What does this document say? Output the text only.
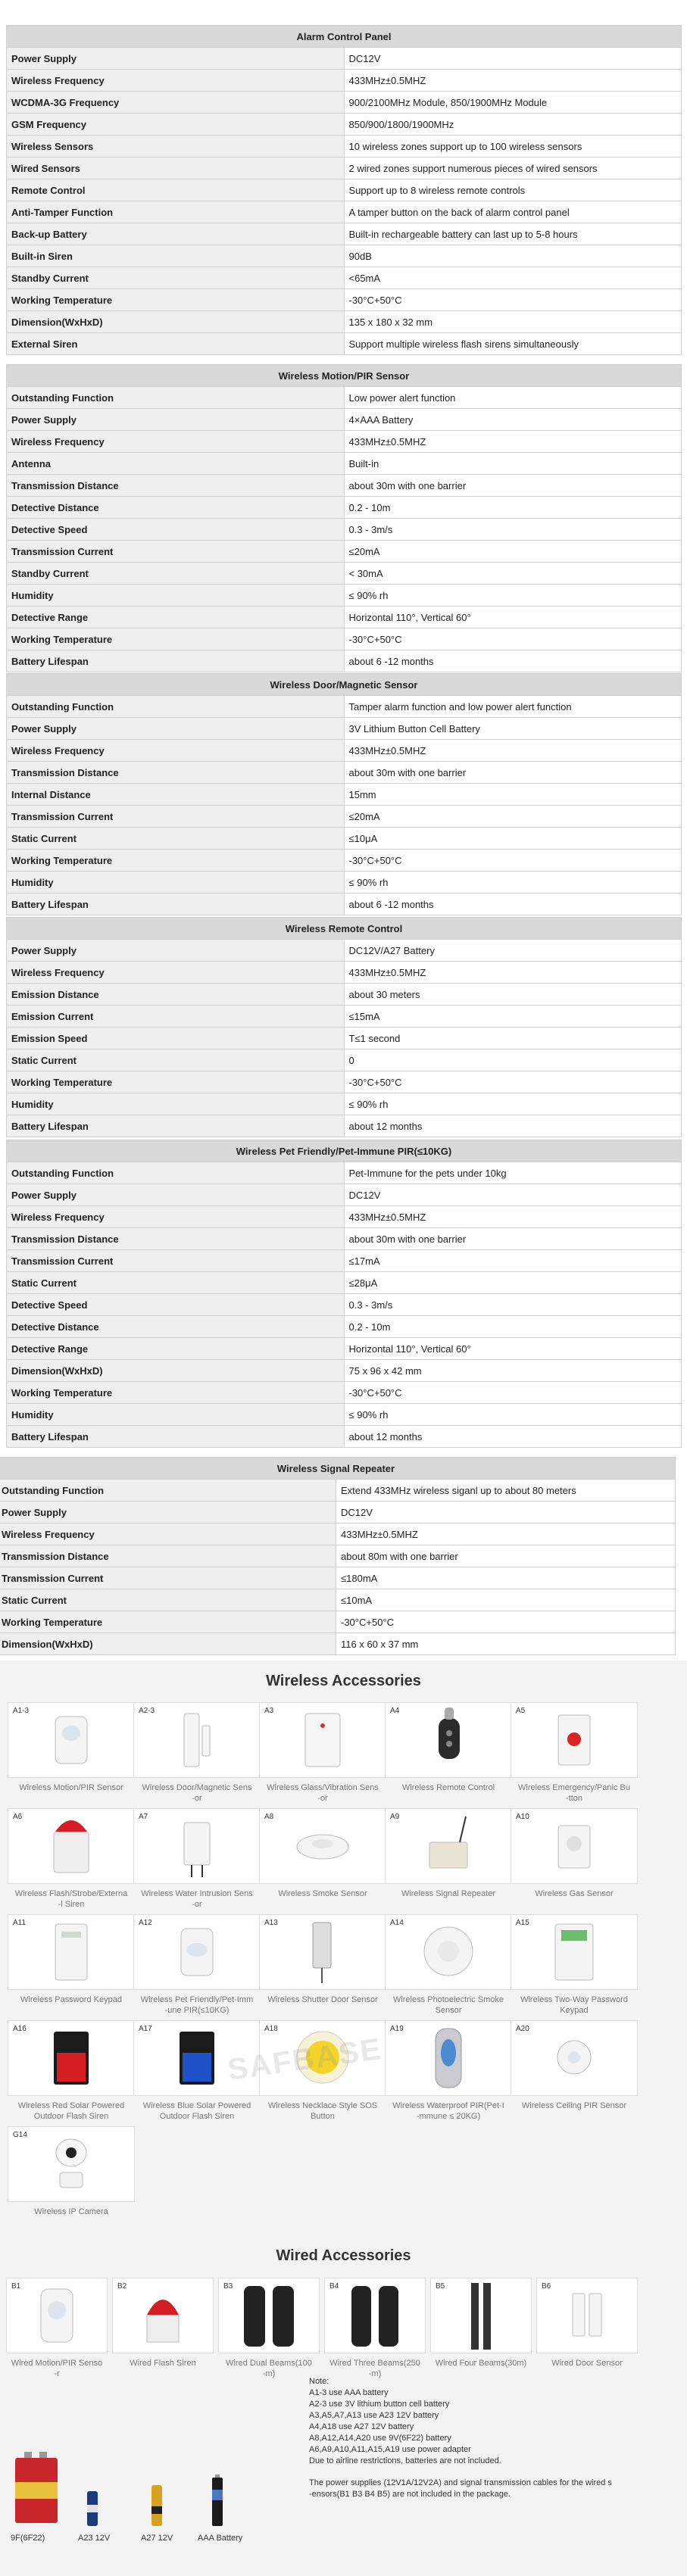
Alarm Control Panel	
Power Supply	DC12V
Wireless Frequency	433MHz±0.5MHZ
WCDMA-3G Frequency	900/2100MHz Module, 850/1900MHz Module
GSM Frequency	850/900/1800/1900MHz
Wireless Sensors	10 wireless zones support up to 100 wireless sensors
Wired Sensors	2 wired zones support numerous pieces of wired sensors
Remote Control	Support up to 8 wireless remote controls
Anti-Tamper Function	A tamper button on the back of alarm control panel
Back-up Battery	Built-in rechargeable battery can last up to 5-8 hours
Built-in Siren	90dB
Standby Current	<65mA
Working Temperature	-30°C+50°C
Dimension(WxHxD)	135 x 180 x 32 mm
External Siren	Support multiple wireless flash sirens simultaneously
Wireless Motion/PIR Sensor	
Outstanding Function	Low power alert function
Power Supply	4×AAA Battery
Wireless Frequency	433MHz±0.5MHZ
Antenna	Built-in
Transmission Distance	about 30m with one barrier
Detective Distance	0.2 - 10m
Detective Speed	0.3 - 3m/s
Transmission Current	≤20mA
Standby Current	< 30mA
Humidity	≤ 90% rh
Detective Range	Horizontal 110°, Vertical 60°
Working Temperature	-30°C+50°C
Battery Lifespan	about 6 -12 months
Wireless Door/Magnetic Sensor	
Outstanding Function	Tamper alarm function and low power alert function
Power Supply	3V Lithium Button Cell Battery
Wireless Frequency	433MHz±0.5MHZ
Transmission Distance	about 30m with one barrier
Internal Distance	15mm
Transmission Current	≤20mA
Static Current	≤10μA
Working Temperature	-30°C+50°C
Humidity	≤ 90% rh
Battery Lifespan	about 6 -12 months
Wireless Remote Control	
Power Supply	DC12V/A27 Battery
Wireless Frequency	433MHz±0.5MHZ
Emission Distance	about 30 meters
Emission Current	≤15mA
Emission Speed	T≤1 second
Static Current	0
Working Temperature	-30°C+50°C
Humidity	≤ 90% rh
Battery Lifespan	about 12 months
Wireless Pet Friendly/Pet-Immune PIR(≤10KG)	
Outstanding Function	Pet-Immune for the pets under 10kg
Power Supply	DC12V
Wireless Frequency	433MHz±0.5MHZ
Transmission Distance	about 30m with one barrier
Transmission Current	≤17mA
Static Current	≤28μA
Detective Speed	0.3 - 3m/s
Detective Distance	0.2 - 10m
Detective Range	Horizontal 110°, Vertical 60°
Dimension(WxHxD)	75 x 96 x 42 mm
Working Temperature	-30°C+50°C
Humidity	≤ 90% rh
Battery Lifespan	about 12 months
Wireless Signal Repeater	
Outstanding Function	Extend 433MHz wireless siganl up to about 80 meters
Power Supply	DC12V
Wireless Frequency	433MHz±0.5MHZ
Transmission Distance	about 80m with one barrier
Transmission Current	≤180mA
Static Current	≤10mA
Working Temperature	-30°C+50°C
Dimension(WxHxD)	116 x 60 x 37 mm
Wireless Accessories
A1-3
Wireless Motion/PIR Sensor
A2-3
Wireless Door/Magnetic Sens
-or
A3
Wireless Glass/Vibration Sens
-or
A4
Wireless Remote Control
A5
Wireless Emergency/Panic Bu
-tton
A6
Wireless Flash/Strobe/Externa
-l Siren
A7
Wireless Water Intrusion Sens
-or
A8
Wireless Smoke Sensor
A9
Wireless Signal Repeater
A10
Wireless Gas Sensor
A11
Wireless Password Keypad
A12
Wireless Pet Friendly/Pet-Imm
-une PIR(≤10KG)
A13
Wireless Shutter Door Sensor
A14
Wireless Photoelectric Smoke
Sensor
A15
Wireless Two-Way Password
Keypad
A16
Wireless Red Solar Powered
Outdoor Flash Siren
A17
Wireless Blue Solar Powered
Outdoor Flash Siren
A18
Wireless Necklace Style SOS
Button
A19
Wireless Waterproof PIR(Pet-I
-mmune ≤ 20KG)
A20
Wireless Ceiling PIR Sensor
G14
Wireless IP Camera
SAFBASE
Wired Accessories
B1
Wired Motion/PIR Senso
-r
B2
Wired Flash Siren
B3
Wired Dual Beams(100
-m)
B4
Wired Three Beams(250
-m)
B5
Wired Four Beams(30m)
B6
Wired Door Sensor
9F(6F22)	A23 12V	A27 12V	AAA Battery
Note:
A1-3 use AAA battery
A2-3 use 3V lithium button cell battery
A3,A5,A7,A13 use A23 12V battery
A4,A18 use A27 12V battery
A8,A12,A14,A20 use 9V(6F22) battery
A6,A9,A10,A11,A15,A19 use power adapter
Due to airline restrictions, batteries are not included.
The power supplies (12V1A/12V2A) and signal transmission cables for the wired s
-ensors(B1 B3 B4 B5) are not included in the package.
